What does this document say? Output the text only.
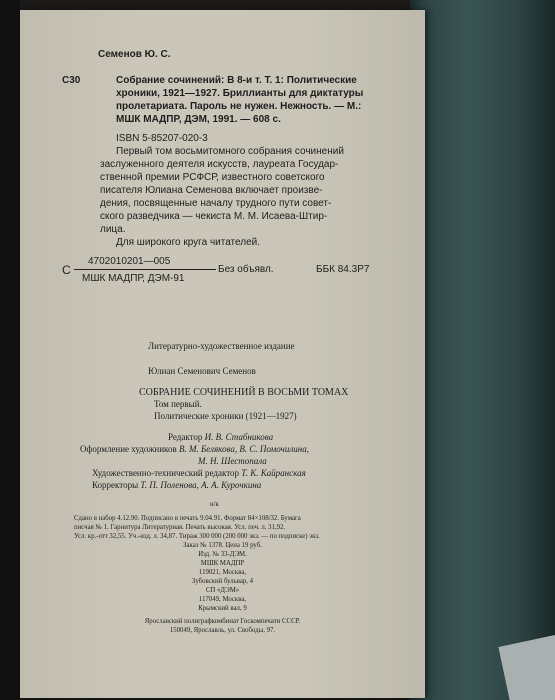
Семенов Ю. С.
С30	Собрание сочинений: В 8-и т. Т. 1: Политические
хроники, 1921—1927. Бриллианты для диктатуры
пролетариата. Пароль не нужен. Нежность. — М.:
МШК МАДПР, ДЭМ, 1991. — 608 с.
ISBN 5-85207-020-3
Первый том восьмитомного собрания сочинений
заслуженного деятеля искусств, лауреата Государ-
ственной премии РСФСР, известного советского
писателя Юлиана Семенова включает произве-
дения, посвященные началу трудного пути совет-
ского разведчика — чекиста М. М. Исаева-Штир-
лица.
Для широкого круга читателей.
С
4702010201—005
МШК МАДПР, ДЭМ-91
Без объявл.	ББК 84.3Р7
Литературно-художественное издание
Юлиан Семенович Семенов
СОБРАНИЕ СОЧИНЕНИЙ В ВОСЬМИ ТОМАХ
Том первый.
Политические хроники (1921—1927)
Редактор И. В. Стабникова
Оформление художников В. М. Белякова, В. С. Помочилина,
М. Н. Шестопала
Художественно-технический редактор Т. К. Кайранская
Корректоры Т. П. Поленова, А. А. Курочкина
н/к
Сдано в набор 4.12.90. Подписано в печать 9.04.91. Формат 84×108/32. Бумага
писчая № 1. Гарнитура Литературная. Печать высокая. Усл. печ. л. 31,92.
Усл. кр.-отт 32,55. Уч.-изд. л. 34,87. Тираж 300 000 (200 000 экз. — по подписке) экз.
Заказ № 1378. Цена 19 руб.
Изд. № 33-ДЭМ.
МШК МАДПР
119021, Москва,
Зубовский бульвар, 4
СП «ДЭМ»
117049, Москва,
Крымский вал, 9
Ярославский полиграфкомбинат Госкомпечати СССР.
150049, Ярославль, ул. Свободы, 97.
